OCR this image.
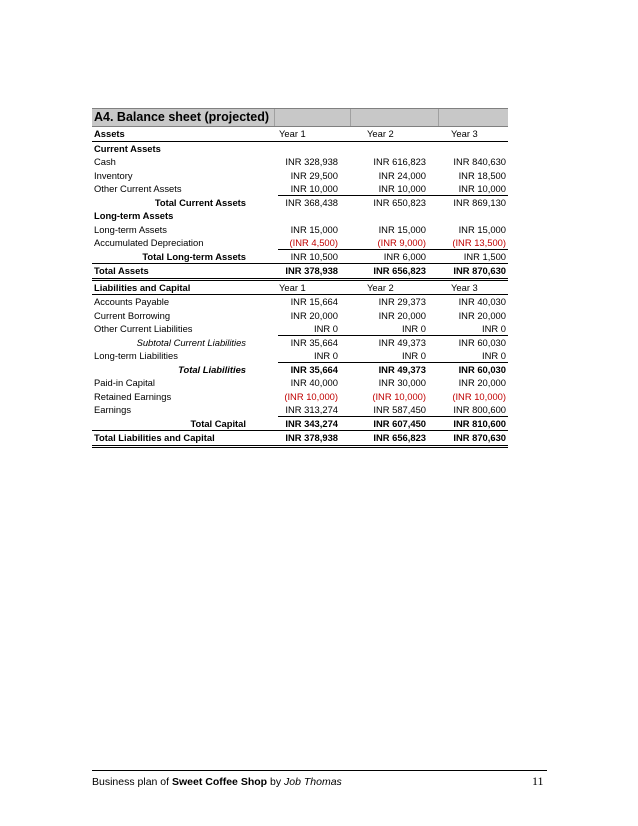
A4. Balance sheet (projected)
Assets	Year 1	Year 2	Year 3
Current Assets
Cash	INR 328,938	INR 616,823	INR 840,630
Inventory	INR 29,500	INR 24,000	INR 18,500
Other Current Assets	INR 10,000	INR 10,000	INR 10,000
Total Current Assets	INR 368,438	INR 650,823	INR 869,130
Long-term Assets
Long-term Assets	INR 15,000	INR 15,000	INR 15,000
Accumulated Depreciation	(INR 4,500)	(INR 9,000)	(INR 13,500)
Total Long-term Assets	INR 10,500	INR 6,000	INR 1,500
Total Assets	INR 378,938	INR 656,823	INR 870,630
Liabilities and Capital	Year 1	Year 2	Year 3
Accounts Payable	INR 15,664	INR 29,373	INR 40,030
Current Borrowing	INR 20,000	INR 20,000	INR 20,000
Other Current Liabilities	INR 0	INR 0	INR 0
Subtotal Current Liabilities	INR 35,664	INR 49,373	INR 60,030
Long-term Liabilities	INR 0	INR 0	INR 0
Total Liabilities	INR 35,664	INR 49,373	INR 60,030
Paid-in Capital	INR 40,000	INR 30,000	INR 20,000
Retained Earnings	(INR 10,000)	(INR 10,000)	(INR 10,000)
Earnings	INR 313,274	INR 587,450	INR 800,600
Total Capital	INR 343,274	INR 607,450	INR 810,600
Total Liabilities and Capital	INR 378,938	INR 656,823	INR 870,630
Business plan of Sweet Coffee Shop by Job Thomas	11
